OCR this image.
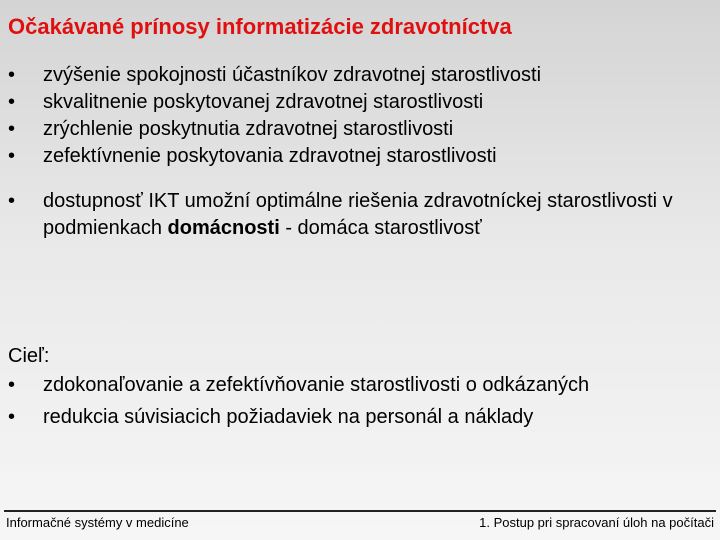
Očakávané prínosy informatizácie zdravotníctva
• zvýšenie spokojnosti účastníkov zdravotnej starostlivosti
• skvalitnenie poskytovanej zdravotnej starostlivosti
• zrýchlenie poskytnutia zdravotnej starostlivosti
• zefektívnenie poskytovania zdravotnej starostlivosti
• dostupnosť IKT umožní optimálne riešenia zdravotníckej starostlivosti v podmienkach domácnosti - domáca starostlivosť
Cieľ:
• zdokonaľovanie a zefektívňovanie starostlivosti o odkázaných
• redukcia súvisiacich požiadaviek na personál a náklady
Informačné systémy v medicíne	1. Postup pri spracovaní úloh na počítači
